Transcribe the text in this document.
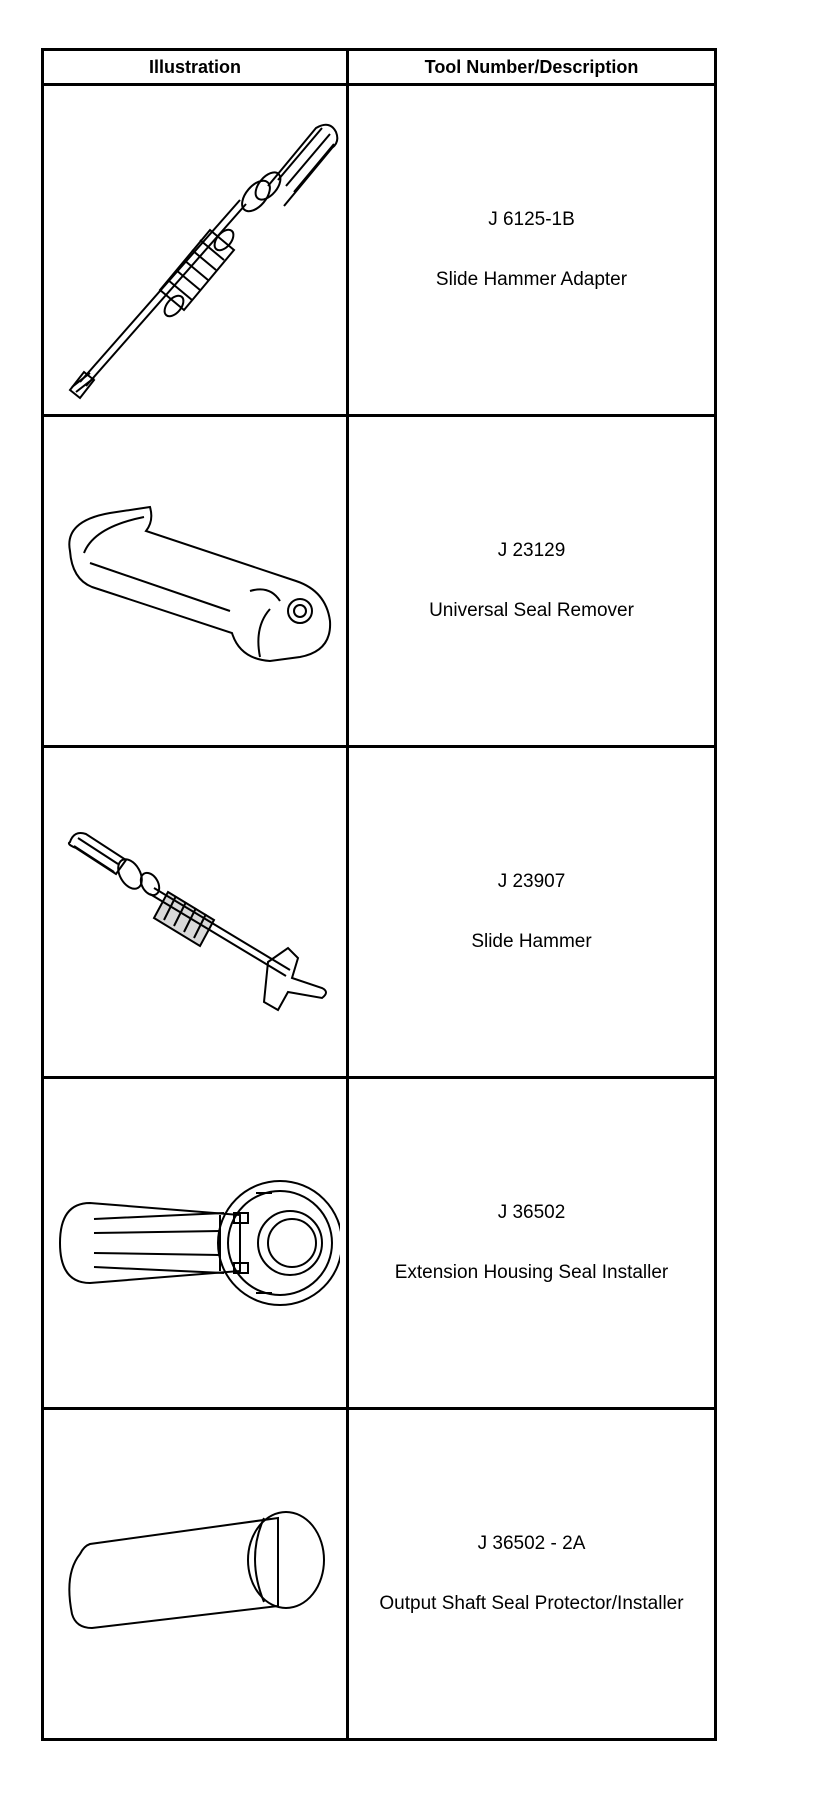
Illustration	Tool Number/Description

J 6125-1B
Slide Hammer Adapter

J 23129
Universal Seal Remover

J 23907
Slide Hammer

J 36502
Extension Housing Seal Installer

J 36502 - 2A
Output Shaft Seal Protector/Installer
